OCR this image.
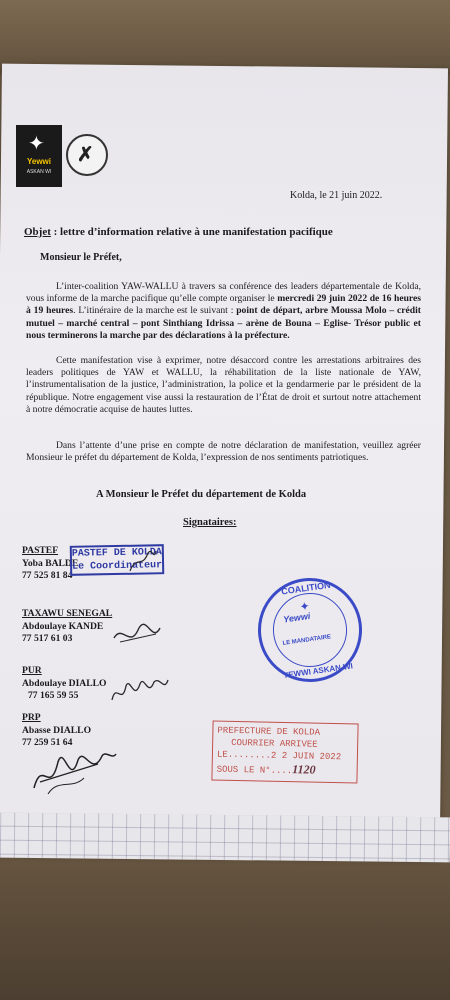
✦
Yewwi
ASKAN WI
✗
Kolda, le 21 juin 2022.
Objet : lettre d’information relative à une manifestation pacifique
Monsieur le Préfet,
L’inter-coalition YAW-WALLU à travers sa conférence des leaders départementale de Kolda, vous informe de la marche pacifique qu’elle compte organiser le mercredi 29 juin 2022 de 16 heures à 19 heures. L’itinéraire de la marche est le suivant : point de départ, arbre Moussa Molo – crédit mutuel – marché central – pont Sinthiang Idrissa – arène de Bouna – Eglise- Trésor public et nous terminerons la marche par des déclarations à la préfecture.
Cette manifestation vise à exprimer, notre désaccord contre les arrestations arbitraires des leaders politiques de YAW et WALLU, la réhabilitation de la liste nationale de YAW, l’instrumentalisation de la justice, l’administration, la police et la gendarmerie par le président de la république. Notre engagement vise aussi la restauration de l’État de droit et surtout notre attachement à notre démocratie acquise de hautes luttes.
Dans l’attente d’une prise en compte de notre déclaration de manifestation, veuillez agréer Monsieur le préfet du département de Kolda, l’expression de nos sentiments patriotiques.
A Monsieur le Préfet du département de Kolda
Signataires:
PASTEF
Yoba BALDE
77 525 81 84
TAXAWU SENEGAL
Abdoulaye KANDE
77 517 61 03
PUR
Abdoulaye DIALLO
77 165 59 55
PRP
Abasse DIALLO
77 259 51 64
PASTEF DE KOLDA
Le Coordinateur
COALITION
✦
Yewwi
LE MANDATAIRE
YEWWI ASKAN WI
PREFECTURE DE KOLDA
COURRIER ARRIVEE
LE........2 2 JUIN 2022
SOUS LE N°....1120
